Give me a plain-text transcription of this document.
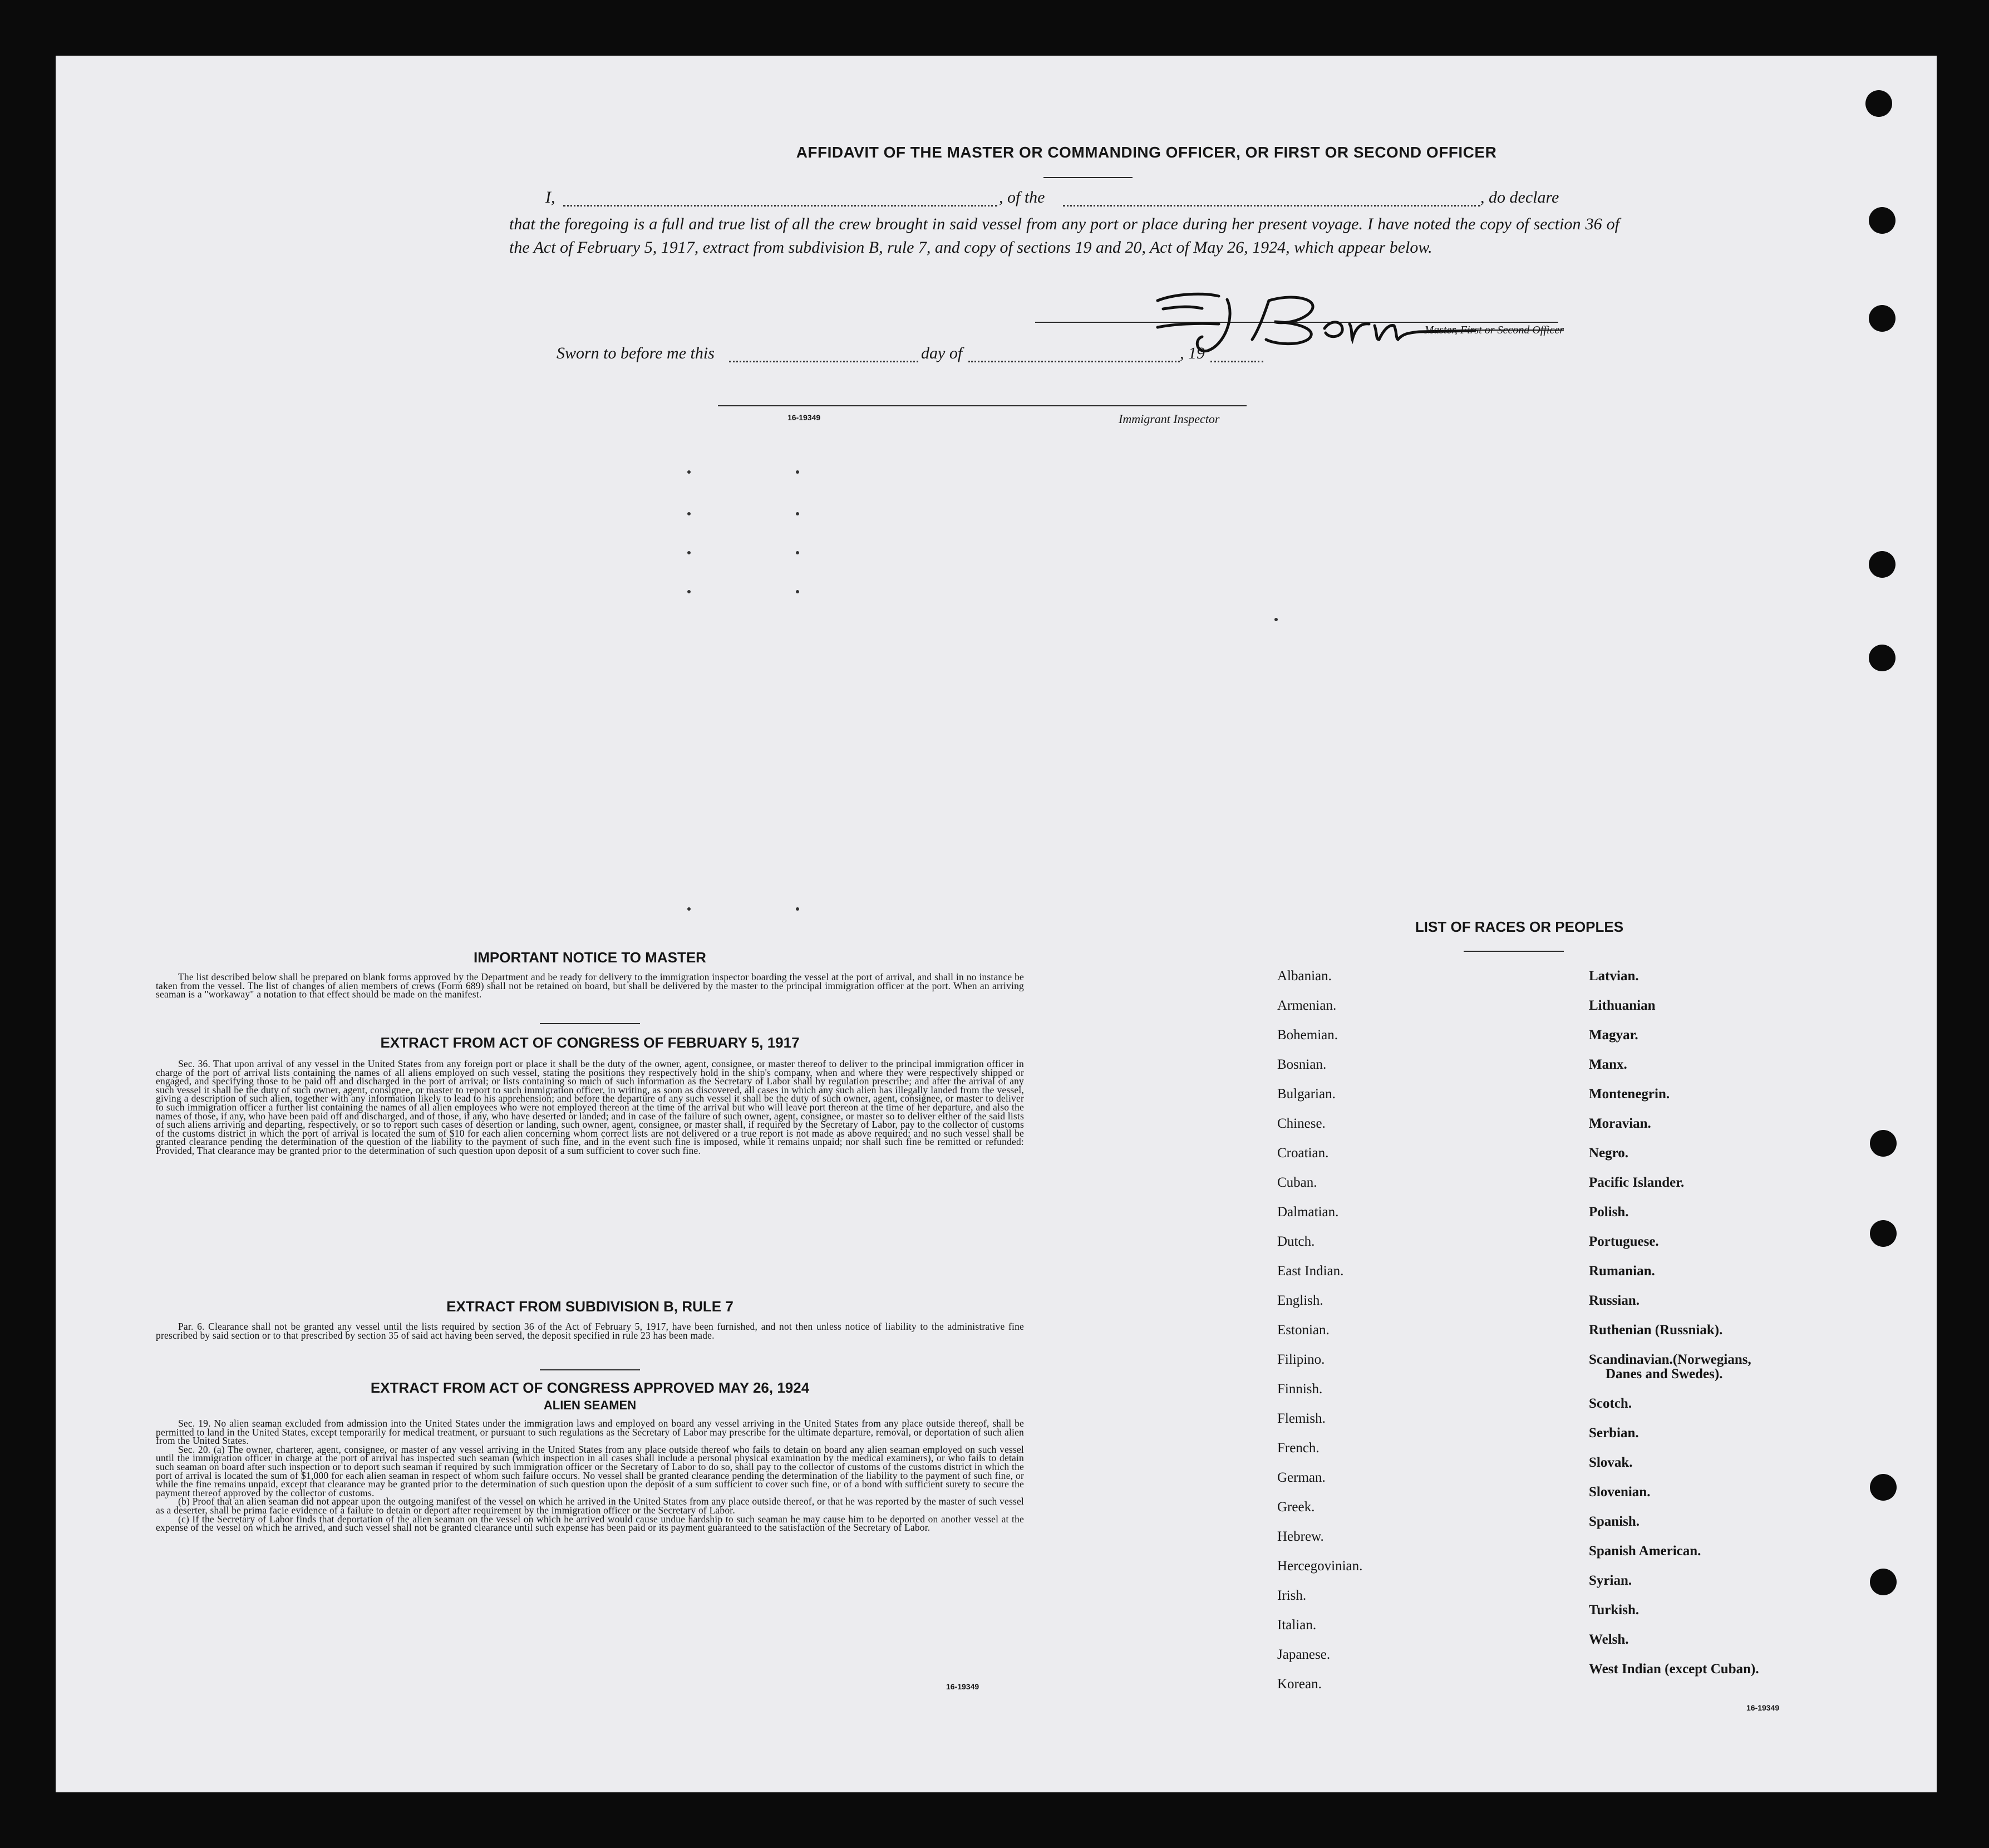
AFFIDAVIT OF THE MASTER OR COMMANDING OFFICER, OR FIRST OR SECOND OFFICER
I,	, of the	, do declare
that the foregoing is a full and true list of all the crew brought in said vessel from any port or place during her present voyage. I have noted the copy of section 36 of the Act of February 5, 1917, extract from subdivision B, rule 7, and copy of sections 19 and 20, Act of May 26, 1924, which appear below.
Master, First or Second Officer
Sworn to before me this	day of	, 19
16-19349	Immigrant Inspector
IMPORTANT NOTICE TO MASTER

The list described below shall be prepared on blank forms approved by the Department and be ready for delivery to the immigration inspector boarding the vessel at the port of arrival, and shall in no instance be taken from the vessel. The list of changes of alien members of crews (Form 689) shall not be retained on board, but shall be delivered by the master to the principal immigration officer at the port. When an arriving seaman is a "workaway" a notation to that effect should be made on the manifest.

EXTRACT FROM ACT OF CONGRESS OF FEBRUARY 5, 1917

Sec. 36. That upon arrival of any vessel in the United States from any foreign port or place it shall be the duty of the owner, agent, consignee, or master thereof to deliver to the principal immigration officer in charge of the port of arrival lists containing the names of all aliens employed on such vessel, stating the positions they respectively hold in the ship's company, when and where they were respectively shipped or engaged, and specifying those to be paid off and discharged in the port of arrival; or lists containing so much of such information as the Secretary of Labor shall by regulation prescribe; and after the arrival of any such vessel it shall be the duty of such owner, agent, consignee, or master to report to such immigration officer, in writing, as soon as discovered, all cases in which any such alien has illegally landed from the vessel, giving a description of such alien, together with any information likely to lead to his apprehension; and before the departure of any such vessel it shall be the duty of such owner, agent, consignee, or master to deliver to such immigration officer a further list containing the names of all alien employees who were not employed thereon at the time of the arrival but who will leave port thereon at the time of her departure, and also the names of those, if any, who have been paid off and discharged, and of those, if any, who have deserted or landed; and in case of the failure of such owner, agent, consignee, or master so to deliver either of the said lists of such aliens arriving and departing, respectively, or so to report such cases of desertion or landing, such owner, agent, consignee, or master shall, if required by the Secretary of Labor, pay to the collector of customs of the customs district in which the port of arrival is located the sum of $10 for each alien concerning whom correct lists are not delivered or a true report is not made as above required; and no such vessel shall be granted clearance pending the determination of the question of the liability to the payment of such fine, and in the event such fine is imposed, while it remains unpaid; nor shall such fine be remitted or refunded: Provided, That clearance may be granted prior to the determination of such question upon deposit of a sum sufficient to cover such fine.

EXTRACT FROM SUBDIVISION B, RULE 7

Par. 6. Clearance shall not be granted any vessel until the lists required by section 36 of the Act of February 5, 1917, have been furnished, and not then unless notice of liability to the administrative fine prescribed by said section or to that prescribed by section 35 of said act having been served, the deposit specified in rule 23 has been made.

EXTRACT FROM ACT OF CONGRESS APPROVED MAY 26, 1924
ALIEN SEAMEN

Sec. 19. No alien seaman excluded from admission into the United States under the immigration laws and employed on board any vessel arriving in the United States from any place outside thereof, shall be permitted to land in the United States, except temporarily for medical treatment, or pursuant to such regulations as the Secretary of Labor may prescribe for the ultimate departure, removal, or deportation of such alien from the United States.

Sec. 20. (a) The owner, charterer, agent, consignee, or master of any vessel arriving in the United States from any place outside thereof who fails to detain on board any alien seaman employed on such vessel until the immigration officer in charge at the port of arrival has inspected such seaman (which inspection in all cases shall include a personal physical examination by the medical examiners), or who fails to detain such seaman on board after such inspection or to deport such seaman if required by such immigration officer or the Secretary of Labor to do so, shall pay to the collector of customs of the customs district in which the port of arrival is located the sum of $1,000 for each alien seaman in respect of whom such failure occurs. No vessel shall be granted clearance pending the determination of the liability to the payment of such fine, or while the fine remains unpaid, except that clearance may be granted prior to the determination of such question upon the deposit of a sum sufficient to cover such fine, or of a bond with sufficient surety to secure the payment thereof approved by the collector of customs.

(b) Proof that an alien seaman did not appear upon the outgoing manifest of the vessel on which he arrived in the United States from any place outside thereof, or that he was reported by the master of such vessel as a deserter, shall be prima facie evidence of a failure to detain or deport after requirement by the immigration officer or the Secretary of Labor.

(c) If the Secretary of Labor finds that deportation of the alien seaman on the vessel on which he arrived would cause undue hardship to such seaman he may cause him to be deported on another vessel at the expense of the vessel on which he arrived, and such vessel shall not be granted clearance until such expense has been paid or its payment guaranteed to the satisfaction of the Secretary of Labor.

16-19349
LIST OF RACES OR PEOPLES
16-19349
Albanian.
Armenian.
Bohemian.
Bosnian.
Bulgarian.
Chinese.
Croatian.
Cuban.
Dalmatian.
Dutch.
East Indian.
English.
Estonian.
Filipino.
Finnish.
Flemish.
French.
German.
Greek.
Hebrew.
Hercegovinian.
Irish.
Italian.
Japanese.
Korean.
Latvian.
Lithuanian
Magyar.
Manx.
Montenegrin.
Moravian.
Negro.
Pacific Islander.
Polish.
Portuguese.
Rumanian.
Russian.
Ruthenian (Russniak).
Scandinavian.(Norwegians,
Danes and Swedes).
Scotch.
Serbian.
Slovak.
Slovenian.
Spanish.
Spanish American.
Syrian.
Turkish.
Welsh.
West Indian (except Cuban).
